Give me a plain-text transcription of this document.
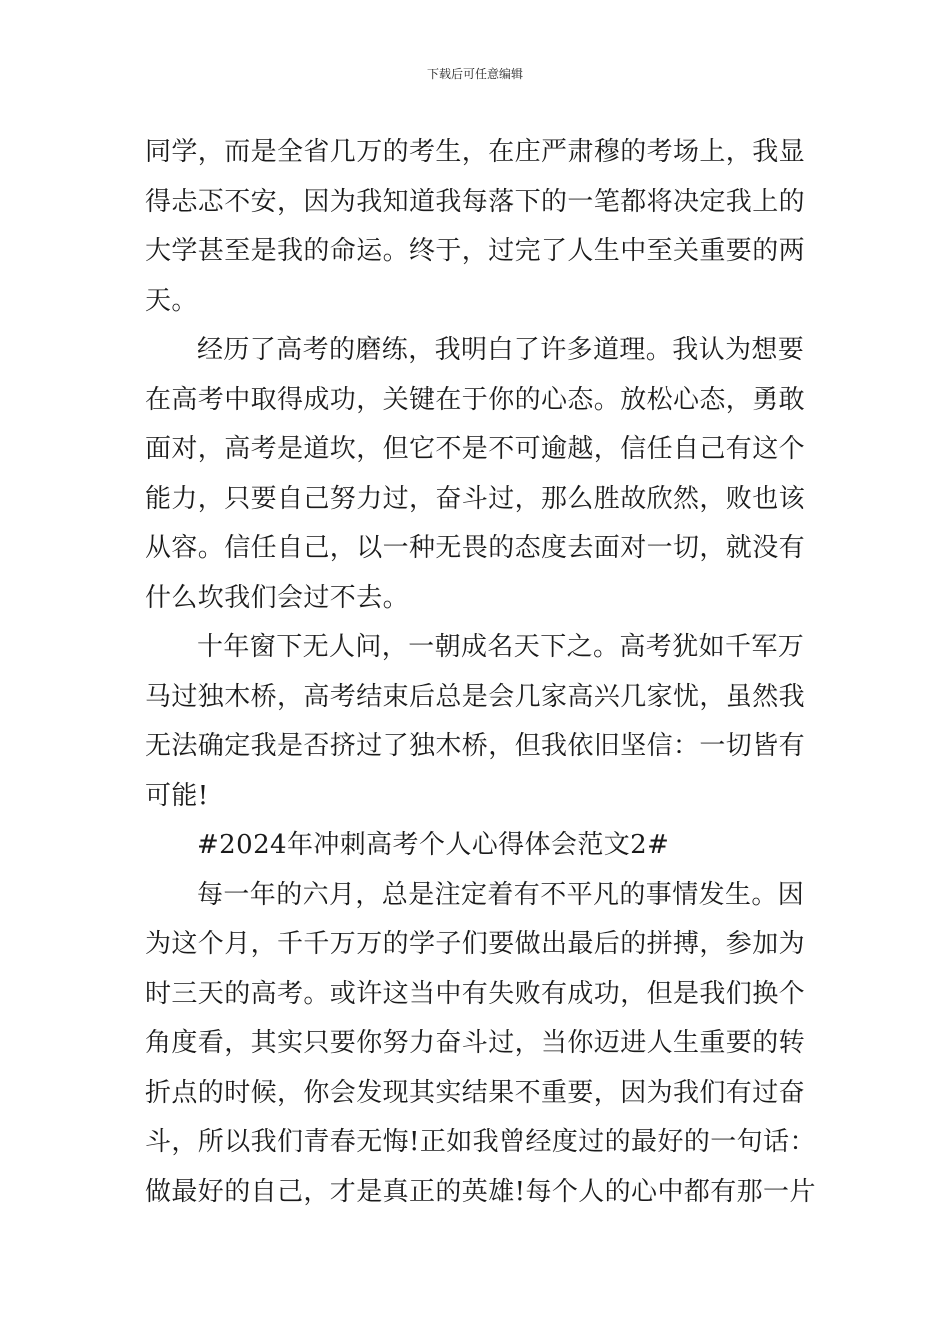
下载后可任意编辑
同学，而是全省几万的考生，在庄严肃穆的考场上，我显
得忐忑不安，因为我知道我每落下的一笔都将决定我上的
大学甚至是我的命运。终于，过完了人生中至关重要的两
天。
经历了高考的磨练，我明白了许多道理。我认为想要
在高考中取得成功，关键在于你的心态。放松心态，勇敢
面对，高考是道坎，但它不是不可逾越，信任自己有这个
能力，只要自己努力过，奋斗过，那么胜故欣然，败也该
从容。信任自己，以一种无畏的态度去面对一切，就没有
什么坎我们会过不去。
十年窗下无人问，一朝成名天下之。高考犹如千军万
马过独木桥，高考结束后总是会几家高兴几家忧，虽然我
无法确定我是否挤过了独木桥，但我依旧坚信：一切皆有
可能!
#2024年冲刺高考个人心得体会范文2#
每一年的六月，总是注定着有不平凡的事情发生。因
为这个月，千千万万的学子们要做出最后的拼搏，参加为
时三天的高考。或许这当中有失败有成功，但是我们换个
角度看，其实只要你努力奋斗过，当你迈进人生重要的转
折点的时候，你会发现其实结果不重要，因为我们有过奋
斗，所以我们青春无悔!正如我曾经度过的最好的一句话：
做最好的自己，才是真正的英雄!每个人的心中都有那一片
